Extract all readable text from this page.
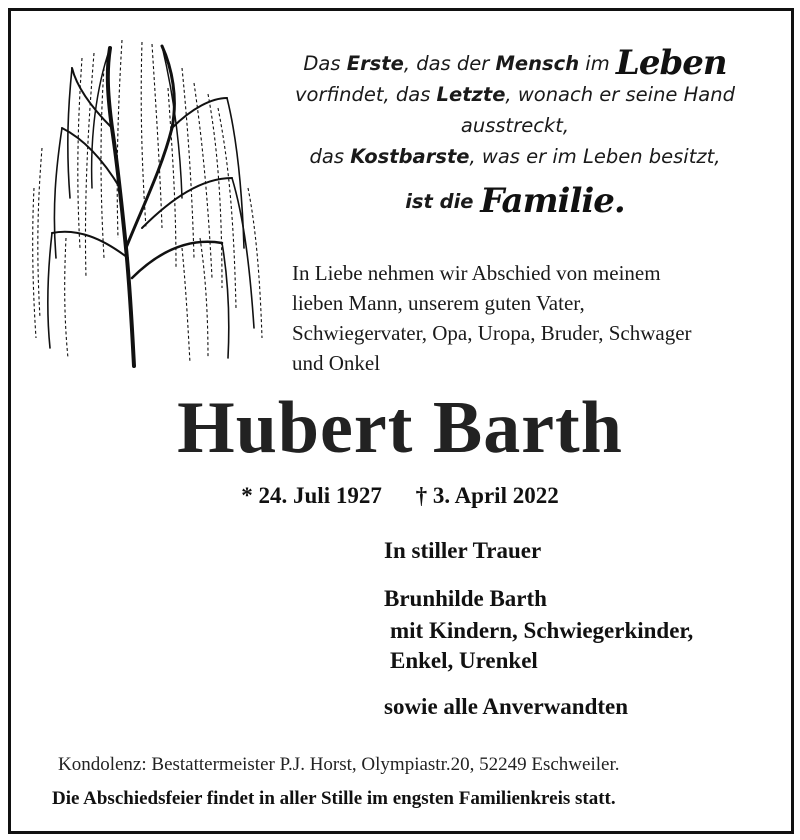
Das Erste, das der Mensch im Leben
vorfindet, das Letzte, wonach er seine Hand
ausstreckt,
das Kostbarste, was er im Leben besitzt,
ist die Familie.
In Liebe nehmen wir Abschied von meinem
lieben Mann, unserem guten Vater,
Schwiegervater, Opa, Uropa, Bruder, Schwager
und Onkel
Hubert Barth
* 24. Juli 1927 † 3. April 2022
In stiller Trauer
Brunhilde Barth
mit Kindern, Schwiegerkinder,
Enkel, Urenkel
sowie alle Anverwandten
Kondolenz: Bestattermeister P.J. Horst, Olympiastr.20, 52249 Eschweiler.
Die Abschiedsfeier findet in aller Stille im engsten Familienkreis statt.
